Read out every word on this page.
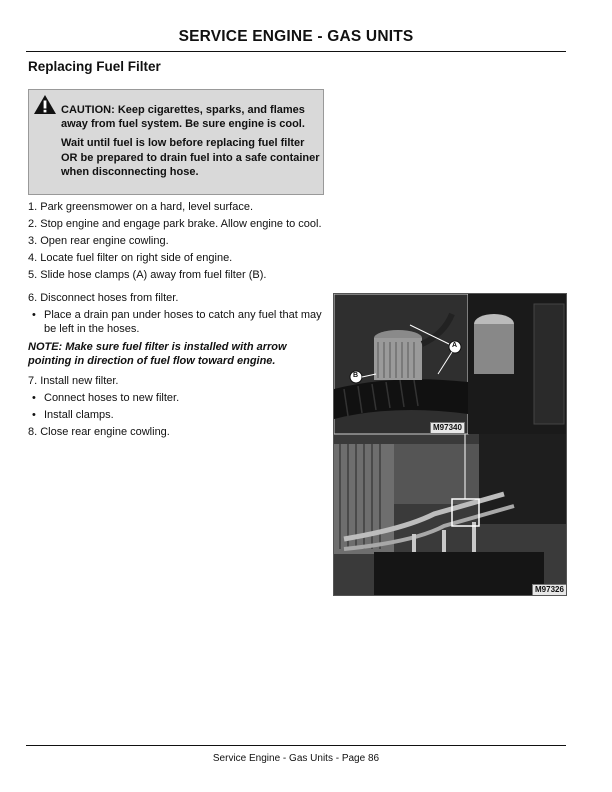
SERVICE ENGINE - GAS UNITS
Replacing Fuel Filter

CAUTION: Keep cigarettes, sparks, and flames away from fuel system. Be sure engine is cool.

Wait until fuel is low before replacing fuel filter OR be prepared to drain fuel into a safe container when disconnecting hose.

1. Park greensmower on a hard, level surface.
2. Stop engine and engage park brake. Allow engine to cool.
3. Open rear engine cowling.
4. Locate fuel filter on right side of engine.
5. Slide hose clamps (A) away from fuel filter (B).
6. Disconnect hoses from filter.
• Place a drain pan under hoses to catch any fuel that may be left in the hoses.
NOTE: Make sure fuel filter is installed with arrow pointing in direction of fuel flow toward engine.
7. Install new filter.
• Connect hoses to new filter.
• Install clamps.
8. Close rear engine cowling.
A
B
M97340
M97326
Service Engine - Gas Units - Page 86
